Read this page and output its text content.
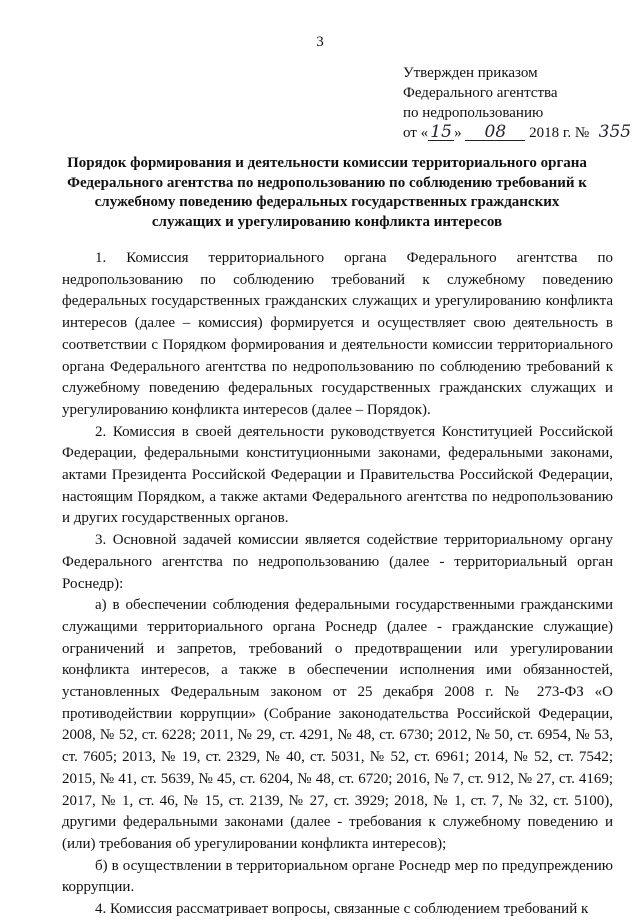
3
Утвержден приказом
Федерального агентства
по недропользованию
от « 15 » 08 2018 г. № 355
Порядок формирования и деятельности комиссии территориального органа Федерального агентства по недропользованию по соблюдению требований к служебному поведению федеральных государственных гражданских служащих и урегулированию конфликта интересов

1. Комиссия территориального органа Федерального агентства по недропользованию по соблюдению требований к служебному поведению федеральных государственных гражданских служащих и урегулированию конфликта интересов (далее – комиссия) формируется и осуществляет свою деятельность в соответствии с Порядком формирования и деятельности комиссии территориального органа Федерального агентства по недропользованию по соблюдению требований к служебному поведению федеральных государственных гражданских служащих и урегулированию конфликта интересов (далее – Порядок).

2. Комиссия в своей деятельности руководствуется Конституцией Российской Федерации, федеральными конституционными законами, федеральными законами, актами Президента Российской Федерации и Правительства Российской Федерации, настоящим Порядком, а также актами Федерального агентства по недропользованию и других государственных органов.

3. Основной задачей комиссии является содействие территориальному органу Федерального агентства по недропользованию (далее - территориальный орган Роснедр):

а) в обеспечении соблюдения федеральными государственными гражданскими служащими территориального органа Роснедр (далее - гражданские служащие) ограничений и запретов, требований о предотвращении или урегулировании конфликта интересов, а также в обеспечении исполнения ими обязанностей, установленных Федеральным законом от 25 декабря 2008 г. № 273-ФЗ «О противодействии коррупции» (Собрание законодательства Российской Федерации, 2008, № 52, ст. 6228; 2011, № 29, ст. 4291, № 48, ст. 6730; 2012, № 50, ст. 6954, № 53, ст. 7605; 2013, № 19, ст. 2329, № 40, ст. 5031, № 52, ст. 6961; 2014, № 52, ст. 7542; 2015, № 41, ст. 5639, № 45, ст. 6204, № 48, ст. 6720; 2016, № 7, ст. 912, № 27, ст. 4169; 2017, № 1, ст. 46, № 15, ст. 2139, № 27, ст. 3929; 2018, № 1, ст. 7, № 32, ст. 5100), другими федеральными законами (далее - требования к служебному поведению и (или) требования об урегулировании конфликта интересов);

б) в осуществлении в территориальном органе Роснедр мер по предупреждению коррупции.

4. Комиссия рассматривает вопросы, связанные с соблюдением требований к
